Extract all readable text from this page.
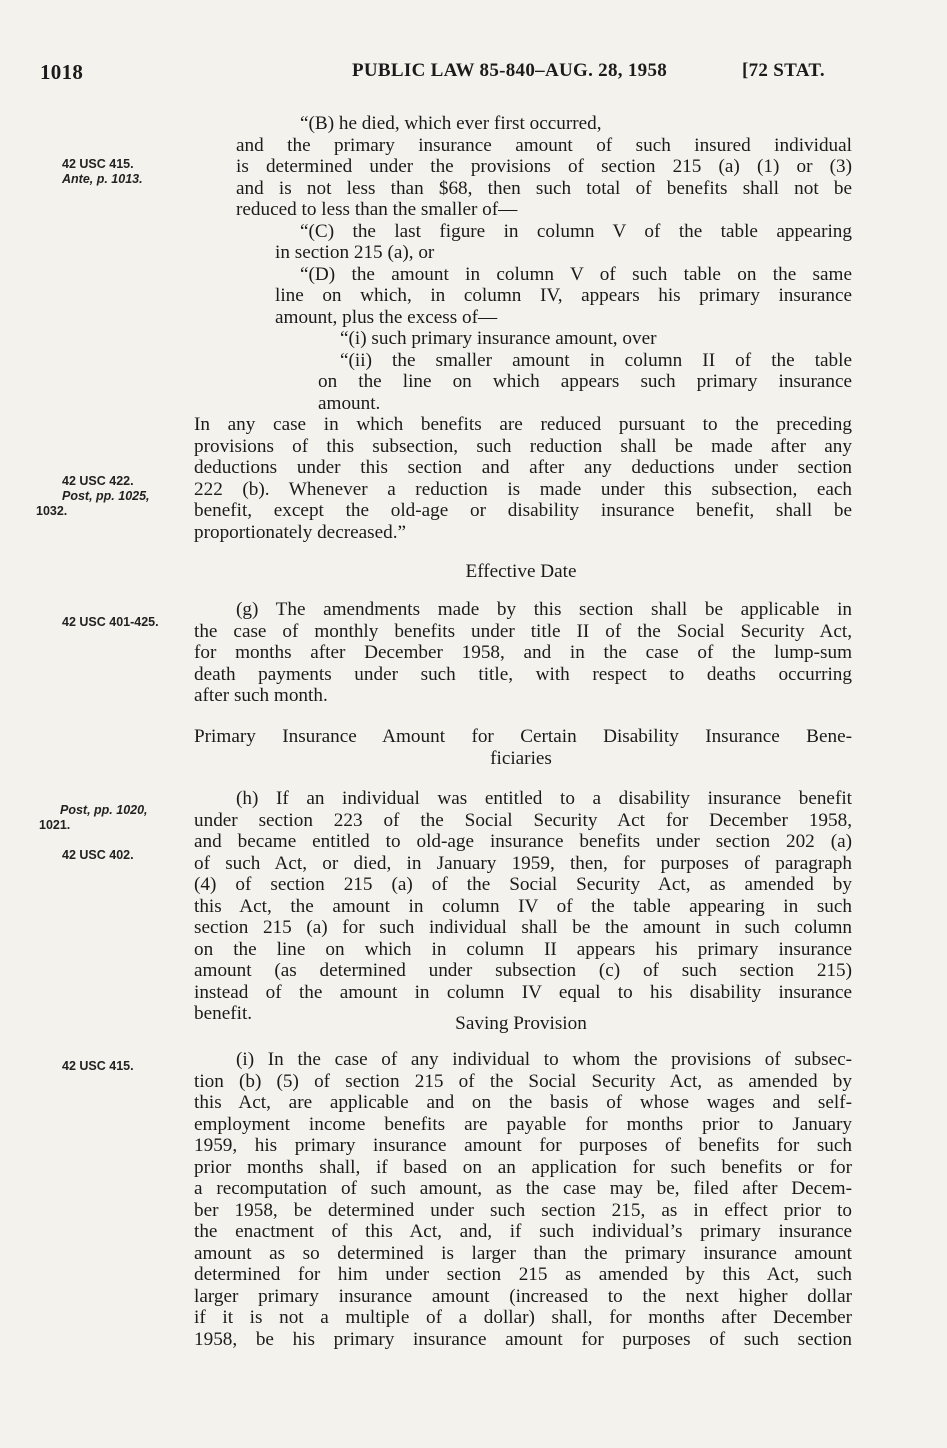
1018	PUBLIC LAW 85-840–AUG. 28, 1958	[72 STAT.
42 USC 415.
Ante, p. 1013.
42 USC 422.
Post, pp. 1025,
1032.
42 USC 401-425.
Post, pp. 1020,
1021.
42 USC 402.
42 USC 415.
“(B) he died, which ever first occurred,
and the primary insurance amount of such insured individual
is determined under the provisions of section 215 (a) (1) or (3)
and is not less than $68, then such total of benefits shall not be
reduced to less than the smaller of—
“(C) the last figure in column V of the table appearing
in section 215 (a), or
“(D) the amount in column V of such table on the same
line on which, in column IV, appears his primary insurance
amount, plus the excess of—
“(i) such primary insurance amount, over
“(ii) the smaller amount in column II of the table
on the line on which appears such primary insurance
amount.
In any case in which benefits are reduced pursuant to the preceding
provisions of this subsection, such reduction shall be made after any
deductions under this section and after any deductions under section
222 (b). Whenever a reduction is made under this subsection, each
benefit, except the old-age or disability insurance benefit, shall be
proportionately decreased.”
Effective Date
(g) The amendments made by this section shall be applicable in
the case of monthly benefits under title II of the Social Security Act,
for months after December 1958, and in the case of the lump-sum
death payments under such title, with respect to deaths occurring
after such month.
Primary Insurance Amount for Certain Disability Insurance Bene-
ficiaries
(h) If an individual was entitled to a disability insurance benefit
under section 223 of the Social Security Act for December 1958,
and became entitled to old-age insurance benefits under section 202 (a)
of such Act, or died, in January 1959, then, for purposes of paragraph
(4) of section 215 (a) of the Social Security Act, as amended by
this Act, the amount in column IV of the table appearing in such
section 215 (a) for such individual shall be the amount in such column
on the line on which in column II appears his primary insurance
amount (as determined under subsection (c) of such section 215)
instead of the amount in column IV equal to his disability insurance
benefit.	Saving Provision
(i) In the case of any individual to whom the provisions of subsec-
tion (b) (5) of section 215 of the Social Security Act, as amended by
this Act, are applicable and on the basis of whose wages and self-
employment income benefits are payable for months prior to January
1959, his primary insurance amount for purposes of benefits for such
prior months shall, if based on an application for such benefits or for
a recomputation of such amount, as the case may be, filed after Decem-
ber 1958, be determined under such section 215, as in effect prior to
the enactment of this Act, and, if such individual’s primary insurance
amount as so determined is larger than the primary insurance amount
determined for him under section 215 as amended by this Act, such
larger primary insurance amount (increased to the next higher dollar
if it is not a multiple of a dollar) shall, for months after December
1958, be his primary insurance amount for purposes of such section
